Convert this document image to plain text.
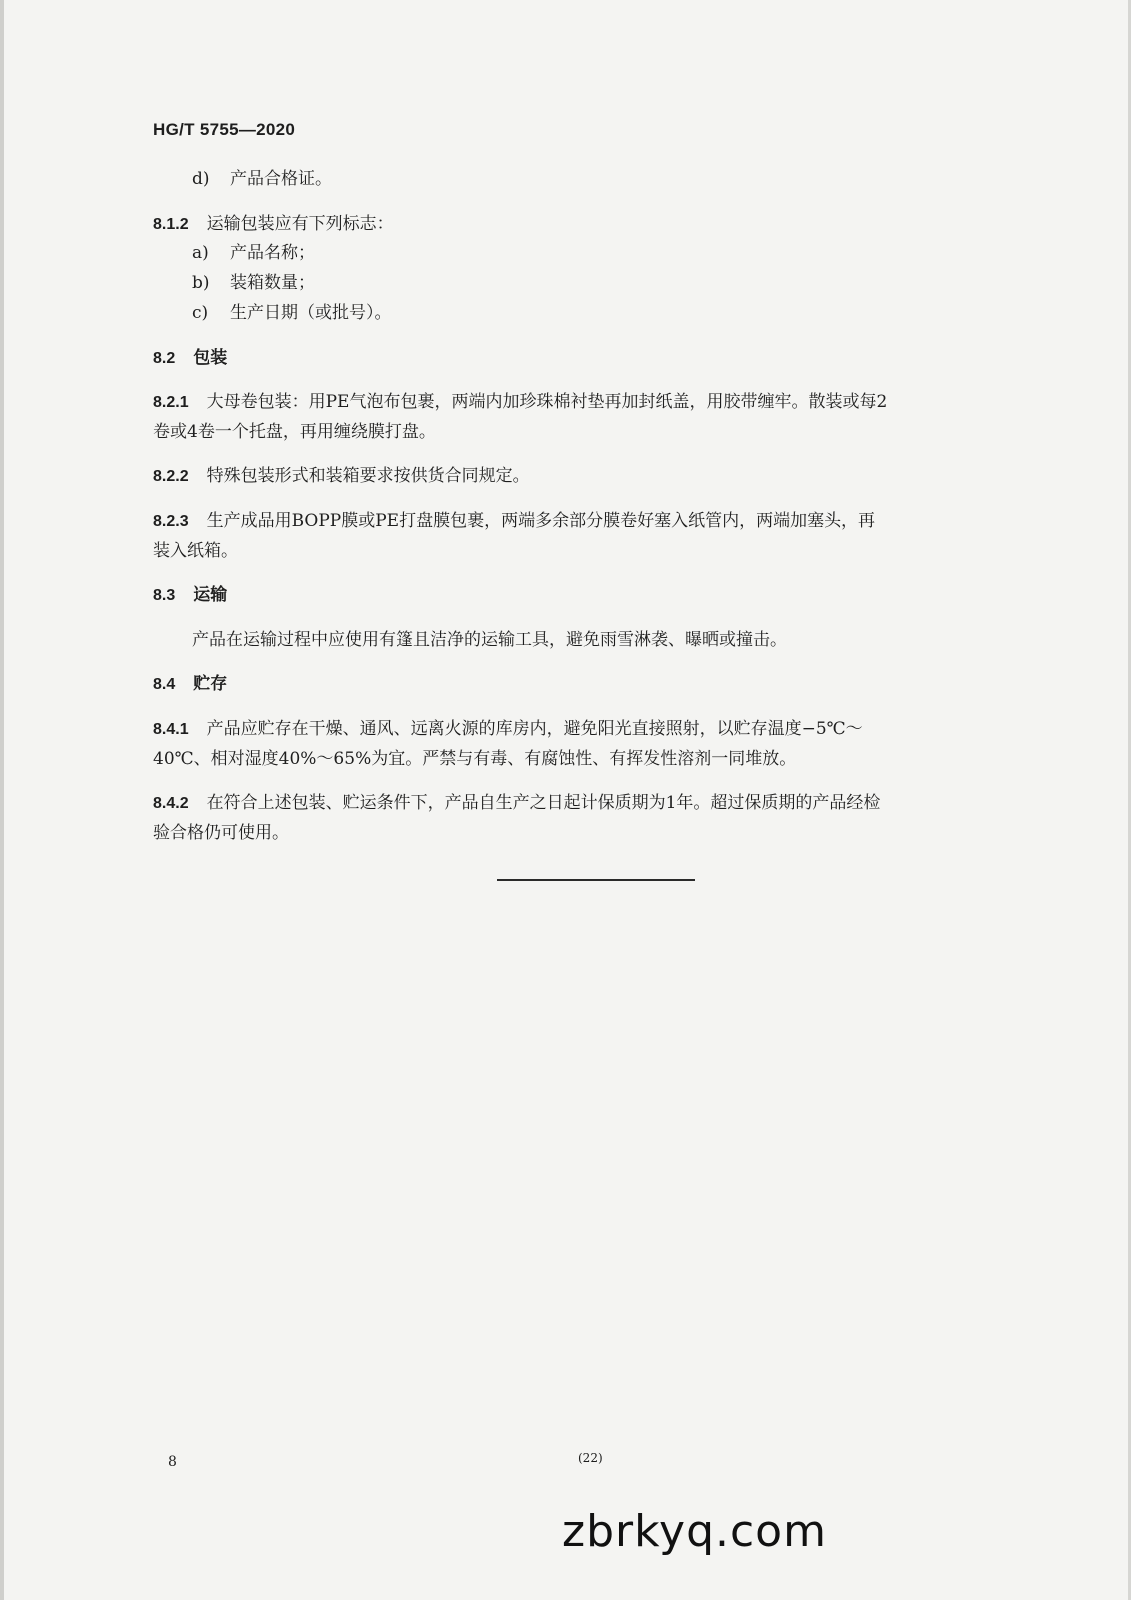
HG/T 5755—2020
d) 产品合格证。
8.1.2 运输包装应有下列标志：
a) 产品名称；
b) 装箱数量；
c) 生产日期（或批号）。
8.2 包装
8.2.1 大母卷包装：用PE气泡布包裹，两端内加珍珠棉衬垫再加封纸盖，用胶带缠牢。散装或每2
卷或4卷一个托盘，再用缠绕膜打盘。
8.2.2 特殊包装形式和装箱要求按供货合同规定。
8.2.3 生产成品用BOPP膜或PE打盘膜包裹，两端多余部分膜卷好塞入纸管内，两端加塞头，再
装入纸箱。
8.3 运输
产品在运输过程中应使用有篷且洁净的运输工具，避免雨雪淋袭、曝晒或撞击。
8.4 贮存
8.4.1 产品应贮存在干燥、通风、远离火源的库房内，避免阳光直接照射，以贮存温度−5℃～
40℃、相对湿度40%～65%为宜。严禁与有毒、有腐蚀性、有挥发性溶剂一同堆放。
8.4.2 在符合上述包装、贮运条件下，产品自生产之日起计保质期为1年。超过保质期的产品经检
验合格仍可使用。
8	(22)
zbrkyq.com
